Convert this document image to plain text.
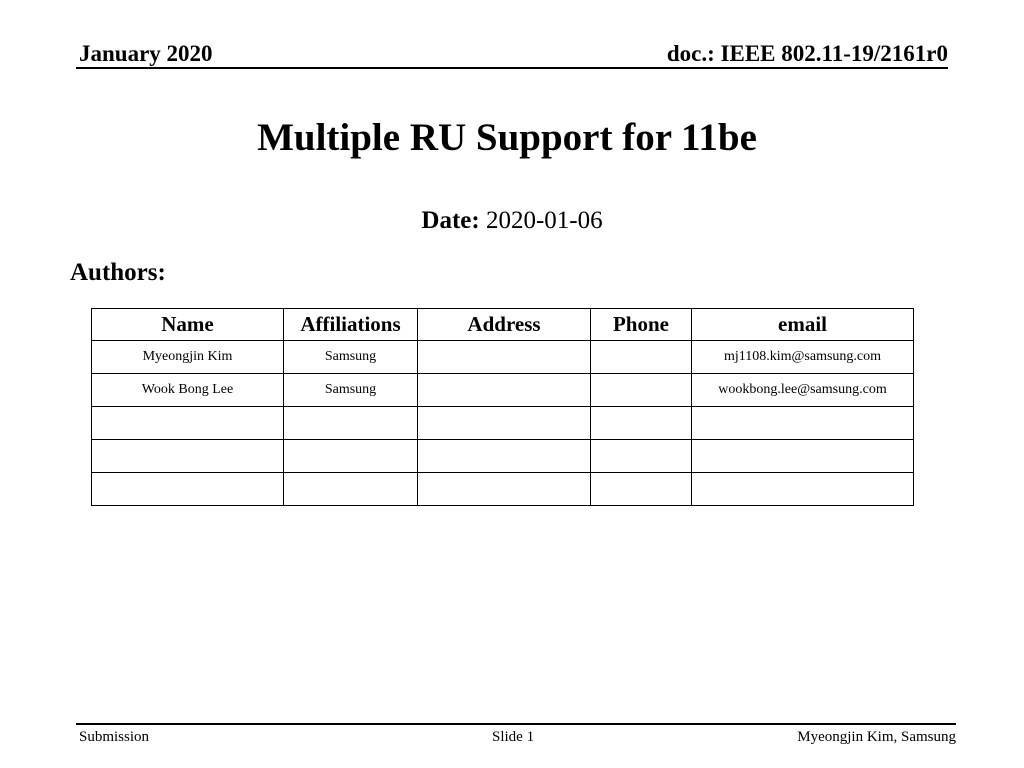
January 2020	doc.: IEEE 802.11-19/2161r0
Multiple RU Support for 11be
Date: 2020-01-06
Authors:
Name	Affiliations	Address	Phone	email
Myeongjin Kim	Samsung			mj1108.kim@samsung.com
Wook Bong Lee	Samsung			wookbong.lee@samsung.com

Submission	Slide 1	Myeongjin Kim, Samsung
